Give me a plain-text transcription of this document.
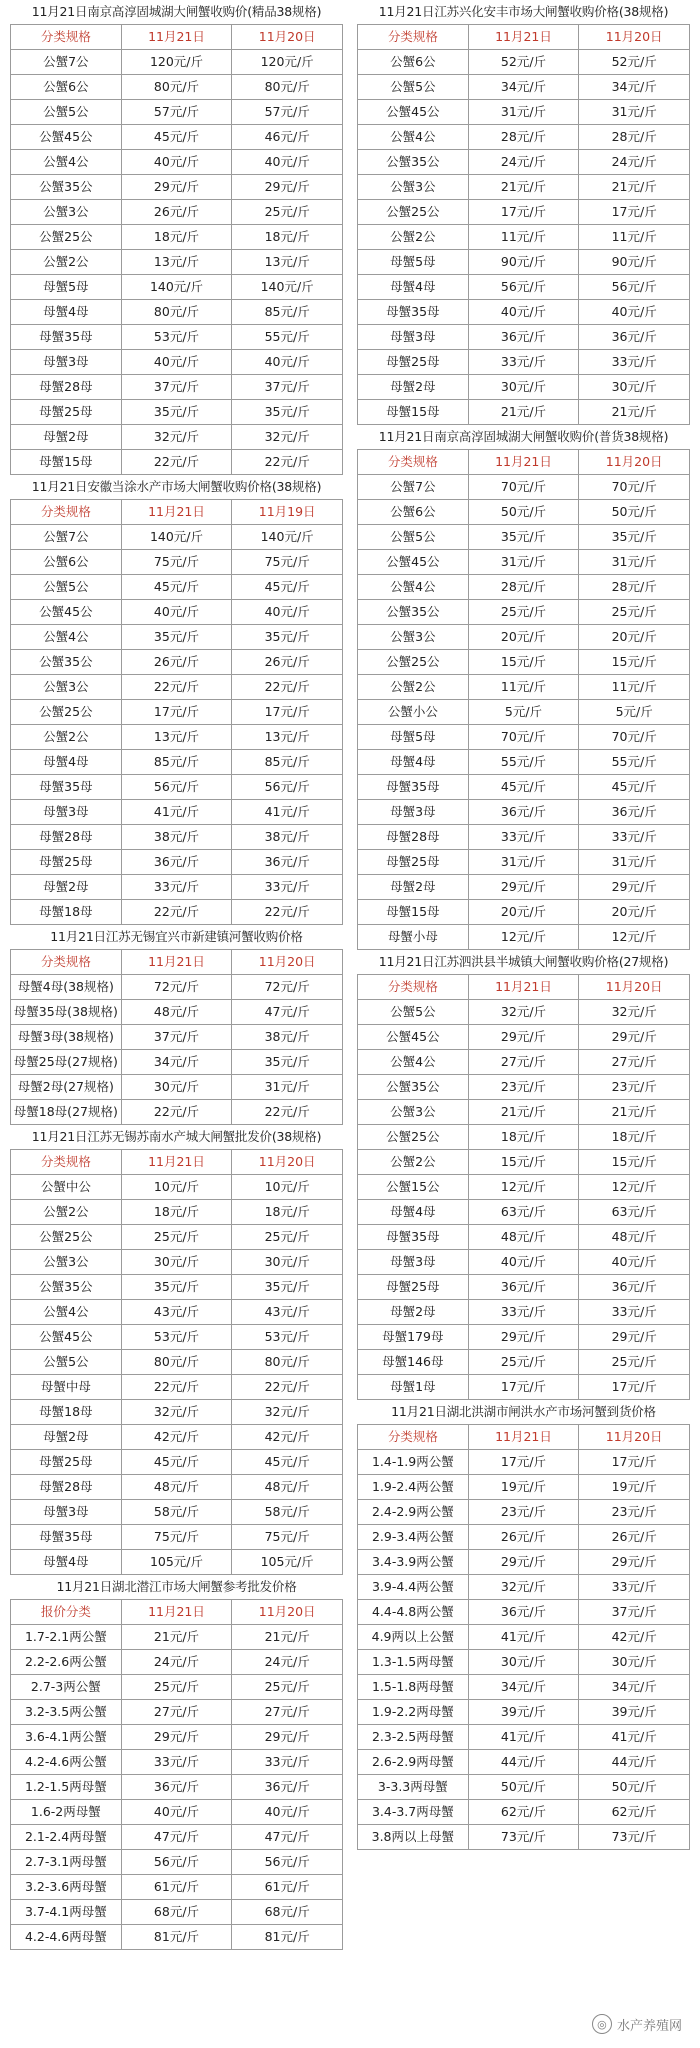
11月21日南京高淳固城湖大闸蟹收购价(精品38规格)
分类规格	11月21日	11月20日
公蟹7公	120元/斤	120元/斤
公蟹6公	80元/斤	80元/斤
公蟹5公	57元/斤	57元/斤
公蟹45公	45元/斤	46元/斤
公蟹4公	40元/斤	40元/斤
公蟹35公	29元/斤	29元/斤
公蟹3公	26元/斤	25元/斤
公蟹25公	18元/斤	18元/斤
公蟹2公	13元/斤	13元/斤
母蟹5母	140元/斤	140元/斤
母蟹4母	80元/斤	85元/斤
母蟹35母	53元/斤	55元/斤
母蟹3母	40元/斤	40元/斤
母蟹28母	37元/斤	37元/斤
母蟹25母	35元/斤	35元/斤
母蟹2母	32元/斤	32元/斤
母蟹15母	22元/斤	22元/斤
11月21日安徽当涂水产市场大闸蟹收购价格(38规格)
分类规格	11月21日	11月19日
公蟹7公	140元/斤	140元/斤
公蟹6公	75元/斤	75元/斤
公蟹5公	45元/斤	45元/斤
公蟹45公	40元/斤	40元/斤
公蟹4公	35元/斤	35元/斤
公蟹35公	26元/斤	26元/斤
公蟹3公	22元/斤	22元/斤
公蟹25公	17元/斤	17元/斤
公蟹2公	13元/斤	13元/斤
母蟹4母	85元/斤	85元/斤
母蟹35母	56元/斤	56元/斤
母蟹3母	41元/斤	41元/斤
母蟹28母	38元/斤	38元/斤
母蟹25母	36元/斤	36元/斤
母蟹2母	33元/斤	33元/斤
母蟹18母	22元/斤	22元/斤
11月21日江苏无锡宜兴市新建镇河蟹收购价格
分类规格	11月21日	11月20日
母蟹4母(38规格)	72元/斤	72元/斤
母蟹35母(38规格)	48元/斤	47元/斤
母蟹3母(38规格)	37元/斤	38元/斤
母蟹25母(27规格)	34元/斤	35元/斤
母蟹2母(27规格)	30元/斤	31元/斤
母蟹18母(27规格)	22元/斤	22元/斤
11月21日江苏无锡苏南水产城大闸蟹批发价(38规格)
分类规格	11月21日	11月20日
公蟹中公	10元/斤	10元/斤
公蟹2公	18元/斤	18元/斤
公蟹25公	25元/斤	25元/斤
公蟹3公	30元/斤	30元/斤
公蟹35公	35元/斤	35元/斤
公蟹4公	43元/斤	43元/斤
公蟹45公	53元/斤	53元/斤
公蟹5公	80元/斤	80元/斤
母蟹中母	22元/斤	22元/斤
母蟹18母	32元/斤	32元/斤
母蟹2母	42元/斤	42元/斤
母蟹25母	45元/斤	45元/斤
母蟹28母	48元/斤	48元/斤
母蟹3母	58元/斤	58元/斤
母蟹35母	75元/斤	75元/斤
母蟹4母	105元/斤	105元/斤
11月21日湖北潜江市场大闸蟹参考批发价格
报价分类	11月21日	11月20日
1.7-2.1两公蟹	21元/斤	21元/斤
2.2-2.6两公蟹	24元/斤	24元/斤
2.7-3两公蟹	25元/斤	25元/斤
3.2-3.5两公蟹	27元/斤	27元/斤
3.6-4.1两公蟹	29元/斤	29元/斤
4.2-4.6两公蟹	33元/斤	33元/斤
1.2-1.5两母蟹	36元/斤	36元/斤
1.6-2两母蟹	40元/斤	40元/斤
2.1-2.4两母蟹	47元/斤	47元/斤
2.7-3.1两母蟹	56元/斤	56元/斤
3.2-3.6两母蟹	61元/斤	61元/斤
3.7-4.1两母蟹	68元/斤	68元/斤
4.2-4.6两母蟹	81元/斤	81元/斤
11月21日江苏兴化安丰市场大闸蟹收购价格(38规格)
分类规格	11月21日	11月20日
公蟹6公	52元/斤	52元/斤
公蟹5公	34元/斤	34元/斤
公蟹45公	31元/斤	31元/斤
公蟹4公	28元/斤	28元/斤
公蟹35公	24元/斤	24元/斤
公蟹3公	21元/斤	21元/斤
公蟹25公	17元/斤	17元/斤
公蟹2公	11元/斤	11元/斤
母蟹5母	90元/斤	90元/斤
母蟹4母	56元/斤	56元/斤
母蟹35母	40元/斤	40元/斤
母蟹3母	36元/斤	36元/斤
母蟹25母	33元/斤	33元/斤
母蟹2母	30元/斤	30元/斤
母蟹15母	21元/斤	21元/斤
11月21日南京高淳固城湖大闸蟹收购价(普货38规格)
分类规格	11月21日	11月20日
公蟹7公	70元/斤	70元/斤
公蟹6公	50元/斤	50元/斤
公蟹5公	35元/斤	35元/斤
公蟹45公	31元/斤	31元/斤
公蟹4公	28元/斤	28元/斤
公蟹35公	25元/斤	25元/斤
公蟹3公	20元/斤	20元/斤
公蟹25公	15元/斤	15元/斤
公蟹2公	11元/斤	11元/斤
公蟹小公	5元/斤	5元/斤
母蟹5母	70元/斤	70元/斤
母蟹4母	55元/斤	55元/斤
母蟹35母	45元/斤	45元/斤
母蟹3母	36元/斤	36元/斤
母蟹28母	33元/斤	33元/斤
母蟹25母	31元/斤	31元/斤
母蟹2母	29元/斤	29元/斤
母蟹15母	20元/斤	20元/斤
母蟹小母	12元/斤	12元/斤
11月21日江苏泗洪县半城镇大闸蟹收购价格(27规格)
分类规格	11月21日	11月20日
公蟹5公	32元/斤	32元/斤
公蟹45公	29元/斤	29元/斤
公蟹4公	27元/斤	27元/斤
公蟹35公	23元/斤	23元/斤
公蟹3公	21元/斤	21元/斤
公蟹25公	18元/斤	18元/斤
公蟹2公	15元/斤	15元/斤
公蟹15公	12元/斤	12元/斤
母蟹4母	63元/斤	63元/斤
母蟹35母	48元/斤	48元/斤
母蟹3母	40元/斤	40元/斤
母蟹25母	36元/斤	36元/斤
母蟹2母	33元/斤	33元/斤
母蟹179母	29元/斤	29元/斤
母蟹146母	25元/斤	25元/斤
母蟹1母	17元/斤	17元/斤
11月21日湖北洪湖市闸洪水产市场河蟹到货价格
分类规格	11月21日	11月20日
1.4-1.9两公蟹	17元/斤	17元/斤
1.9-2.4两公蟹	19元/斤	19元/斤
2.4-2.9两公蟹	23元/斤	23元/斤
2.9-3.4两公蟹	26元/斤	26元/斤
3.4-3.9两公蟹	29元/斤	29元/斤
3.9-4.4两公蟹	32元/斤	33元/斤
4.4-4.8两公蟹	36元/斤	37元/斤
4.9两以上公蟹	41元/斤	42元/斤
1.3-1.5两母蟹	30元/斤	30元/斤
1.5-1.8两母蟹	34元/斤	34元/斤
1.9-2.2两母蟹	39元/斤	39元/斤
2.3-2.5两母蟹	41元/斤	41元/斤
2.6-2.9两母蟹	44元/斤	44元/斤
3-3.3两母蟹	50元/斤	50元/斤
3.4-3.7两母蟹	62元/斤	62元/斤
3.8两以上母蟹	73元/斤	73元/斤
◎ 水产养殖网
